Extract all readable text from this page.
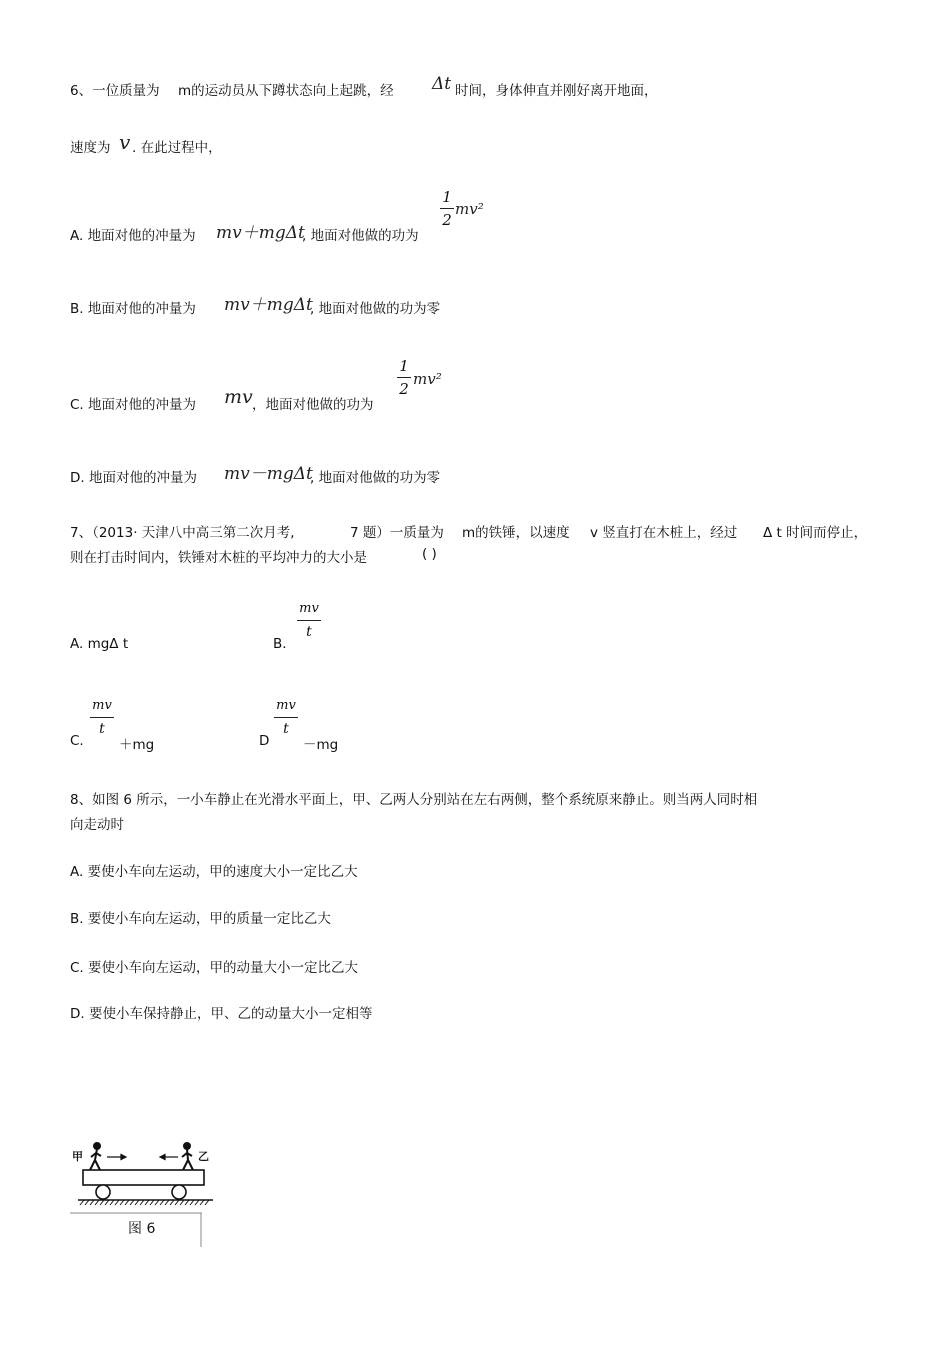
6、一位质量为 m的运动员从下蹲状态向上起跳，经 Δt 时间，身体伸直并刚好离开地面，
速度为 v . 在此过程中，
A. 地面对他的冲量为 mv＋mgΔt
, 地面对他做的功为
1
2
mv²
B. 地面对他的冲量为 mv＋mgΔt
, 地面对他做的功为零
C. 地面对他的冲量为 mv ，地面对他做的功为
1
2
mv²
D. 地面对他的冲量为 mv－mgΔt
, 地面对他做的功为零
7、（2013· 天津八中高三第二次月考,	7 题）一质量为 m的铁锤，以速度 v 竖直打在木桩上，经过 Δ t 时间而停止，
则在打击时间内，铁锤对木桩的平均冲力的大小是	( )
A. mgΔ t	B.
mv
t
C.
mv
t
＋mg	D
mv
t
－mg
8、如图 6 所示，一小车静止在光滑水平面上，甲、乙两人分别站在左右两侧，整个系统原来静止。则当两人同时相
向走动时
A. 要使小车向左运动，甲的速度大小一定比乙大
B. 要使小车向左运动，甲的质量一定比乙大
C. 要使小车向左运动，甲的动量大小一定比乙大
D. 要使小车保持静止，甲、乙的动量大小一定相等
甲	乙
图 6
